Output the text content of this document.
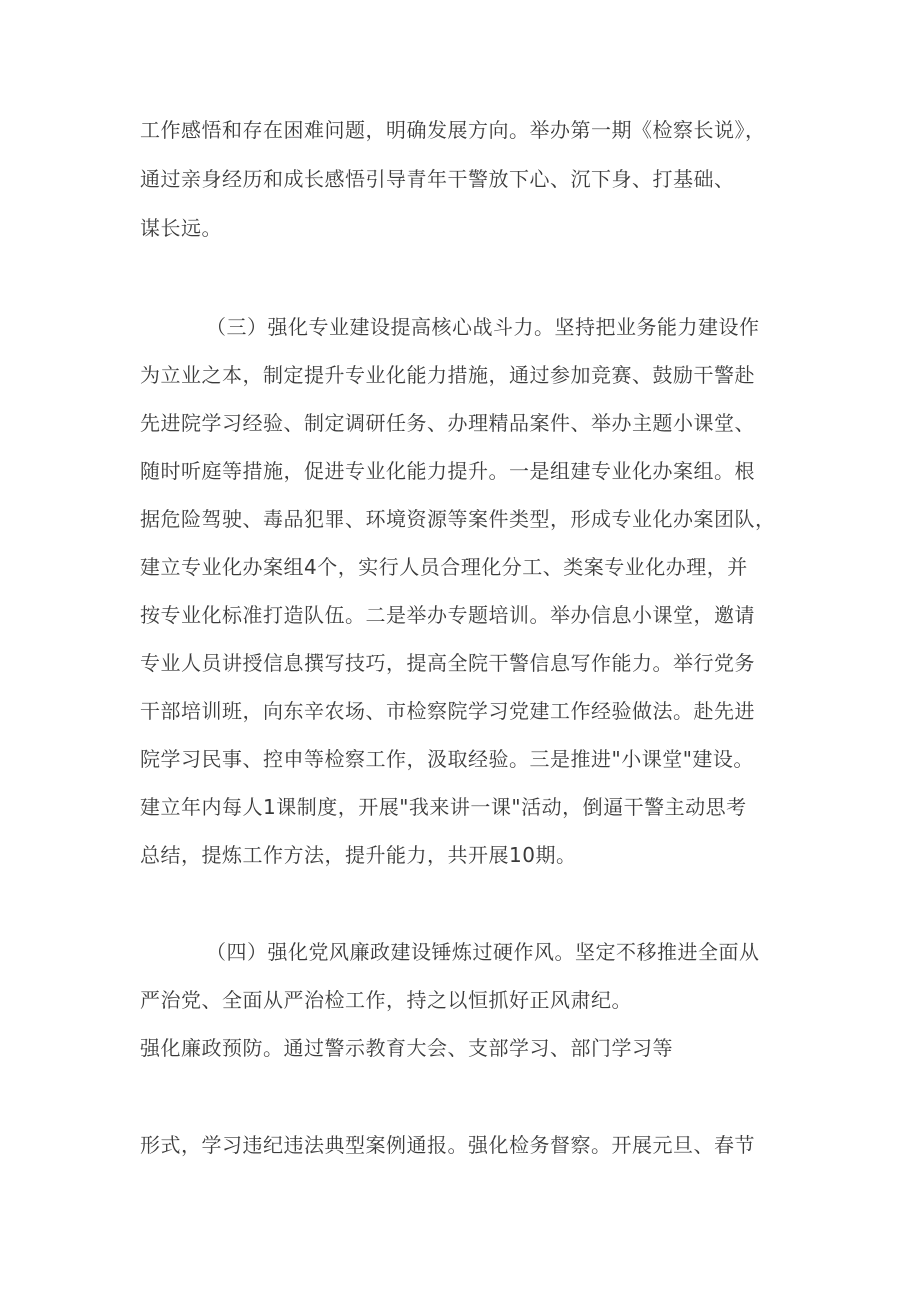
工作感悟和存在困难问题，明确发展方向。举办第一期《检察长说》，
通过亲身经历和成长感悟引导青年干警放下心、沉下身、打基础、
谋长远。
（三）强化专业建设提高核心战斗力。坚持把业务能力建设作
为立业之本，制定提升专业化能力措施，通过参加竞赛、鼓励干警赴
先进院学习经验、制定调研任务、办理精品案件、举办主题小课堂、
随时听庭等措施，促进专业化能力提升。一是组建专业化办案组。根
据危险驾驶、毒品犯罪、环境资源等案件类型，形成专业化办案团队，
建立专业化办案组4个，实行人员合理化分工、类案专业化办理，并
按专业化标准打造队伍。二是举办专题培训。举办信息小课堂，邀请
专业人员讲授信息撰写技巧，提高全院干警信息写作能力。举行党务
干部培训班，向东辛农场、市检察院学习党建工作经验做法。赴先进
院学习民事、控申等检察工作，汲取经验。三是推进"小课堂"建设。
建立年内每人1课制度，开展"我来讲一课"活动，倒逼干警主动思考
总结，提炼工作方法，提升能力，共开展10期。
（四）强化党风廉政建设锤炼过硬作风。坚定不移推进全面从
严治党、全面从严治检工作，持之以恒抓好正风肃纪。
强化廉政预防。通过警示教育大会、支部学习、部门学习等
形式，学习违纪违法典型案例通报。强化检务督察。开展元旦、春节
